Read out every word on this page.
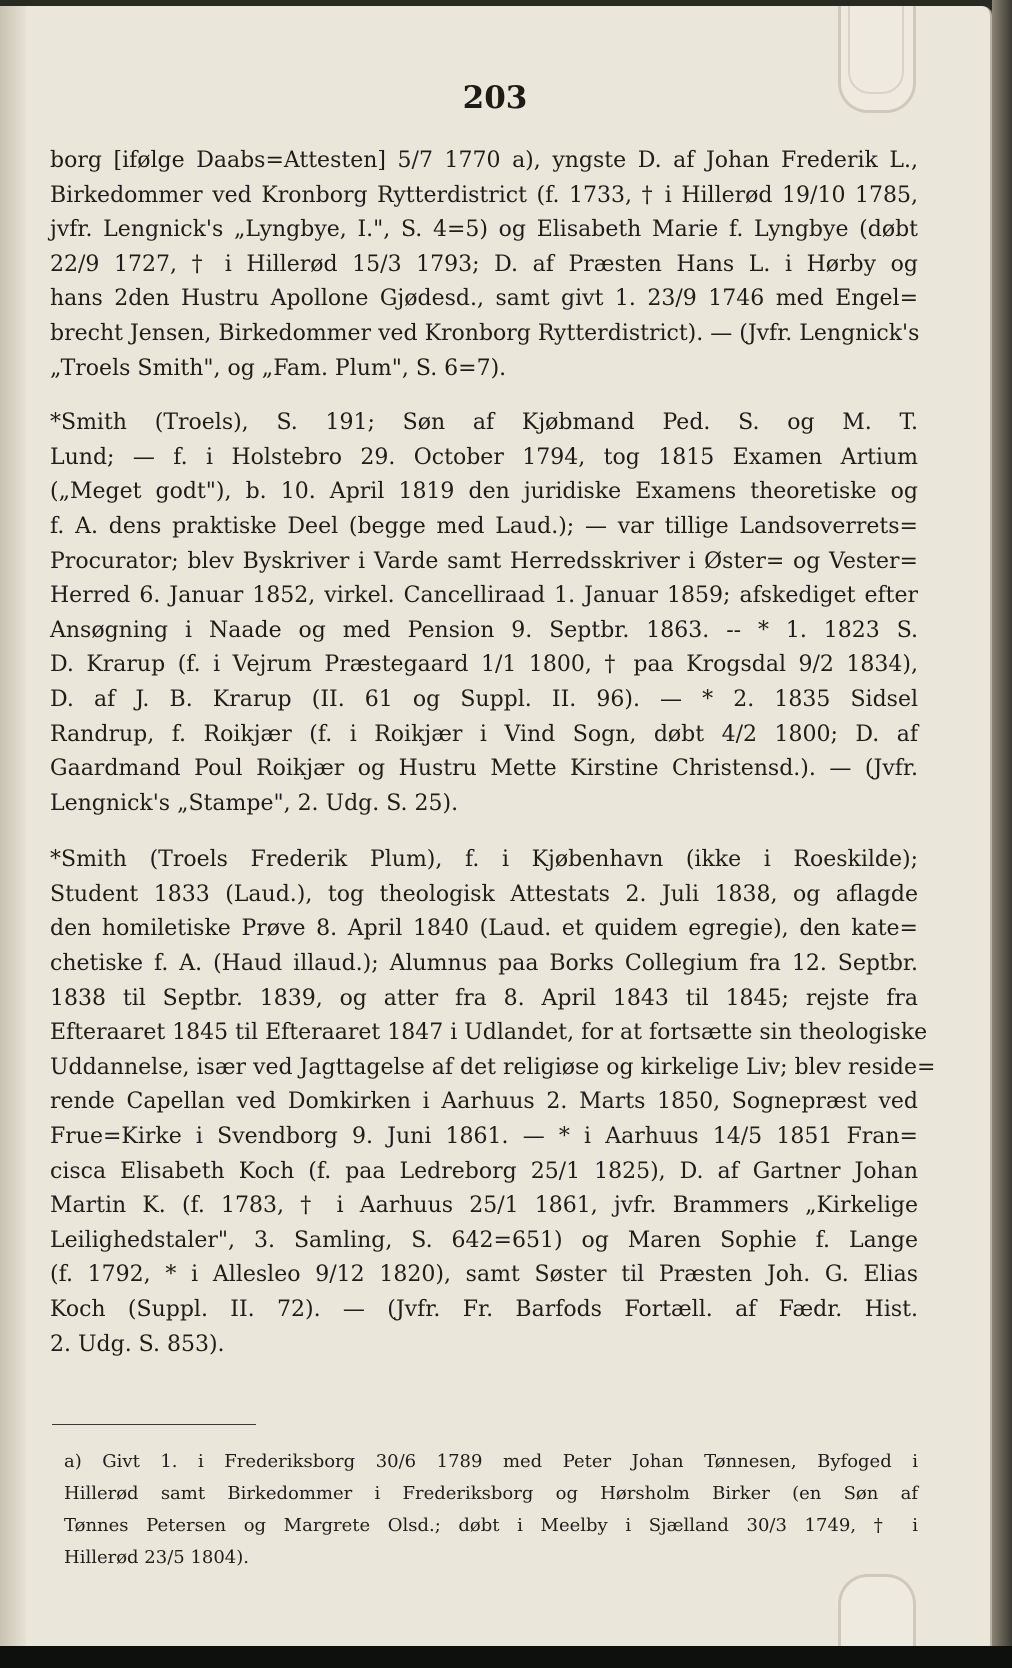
203
borg [ifølge Daabs=Attesten] 5/7 1770 a), yngste D. af Johan Frederik L.,
Birkedommer ved Kronborg Rytterdistrict (f. 1733, † i Hillerød 19/10 1785,
jvfr. Lengnick's „Lyngbye, I.", S. 4=5) og Elisabeth Marie f. Lyngbye (døbt
22/9 1727, † i Hillerød 15/3 1793; D. af Præsten Hans L. i Hørby og
hans 2den Hustru Apollone Gjødesd., samt givt 1. 23/9 1746 med Engel=
brecht Jensen, Birkedommer ved Kronborg Rytterdistrict). — (Jvfr. Lengnick's
„Troels Smith", og „Fam. Plum", S. 6=7).
*Smith (Troels), S. 191; Søn af Kjøbmand Ped. S. og M. T.
Lund; — f. i Holstebro 29. October 1794, tog 1815 Examen Artium
(„Meget godt"), b. 10. April 1819 den juridiske Examens theoretiske og
f. A. dens praktiske Deel (begge med Laud.); — var tillige Landsoverrets=
Procurator; blev Byskriver i Varde samt Herredsskriver i Øster= og Vester=
Herred 6. Januar 1852, virkel. Cancelliraad 1. Januar 1859; afskediget efter
Ansøgning i Naade og med Pension 9. Septbr. 1863. -- * 1. 1823 S.
D. Krarup (f. i Vejrum Præstegaard 1/1 1800, † paa Krogsdal 9/2 1834),
D. af J. B. Krarup (II. 61 og Suppl. II. 96). — * 2. 1835 Sidsel
Randrup, f. Roikjær (f. i Roikjær i Vind Sogn, døbt 4/2 1800; D. af
Gaardmand Poul Roikjær og Hustru Mette Kirstine Christensd.). — (Jvfr.
Lengnick's „Stampe", 2. Udg. S. 25).
*Smith (Troels Frederik Plum), f. i Kjøbenhavn (ikke i Roeskilde);
Student 1833 (Laud.), tog theologisk Attestats 2. Juli 1838, og aflagde
den homiletiske Prøve 8. April 1840 (Laud. et quidem egregie), den kate=
chetiske f. A. (Haud illaud.); Alumnus paa Borks Collegium fra 12. Septbr.
1838 til Septbr. 1839, og atter fra 8. April 1843 til 1845; rejste fra
Efteraaret 1845 til Efteraaret 1847 i Udlandet, for at fortsætte sin theologiske
Uddannelse, især ved Jagttagelse af det religiøse og kirkelige Liv; blev reside=
rende Capellan ved Domkirken i Aarhuus 2. Marts 1850, Sognepræst ved
Frue=Kirke i Svendborg 9. Juni 1861. — * i Aarhuus 14/5 1851 Fran=
cisca Elisabeth Koch (f. paa Ledreborg 25/1 1825), D. af Gartner Johan
Martin K. (f. 1783, † i Aarhuus 25/1 1861, jvfr. Brammers „Kirkelige
Leilighedstaler", 3. Samling, S. 642=651) og Maren Sophie f. Lange
(f. 1792, * i Allesleo 9/12 1820), samt Søster til Præsten Joh. G. Elias
Koch (Suppl. II. 72). — (Jvfr. Fr. Barfods Fortæll. af Fædr. Hist.
2. Udg. S. 853).
a) Givt 1. i Frederiksborg 30/6 1789 med Peter Johan Tønnesen, Byfoged i
Hillerød samt Birkedommer i Frederiksborg og Hørsholm Birker (en Søn af
Tønnes Petersen og Margrete Olsd.; døbt i Meelby i Sjælland 30/3 1749, † i
Hillerød 23/5 1804).
